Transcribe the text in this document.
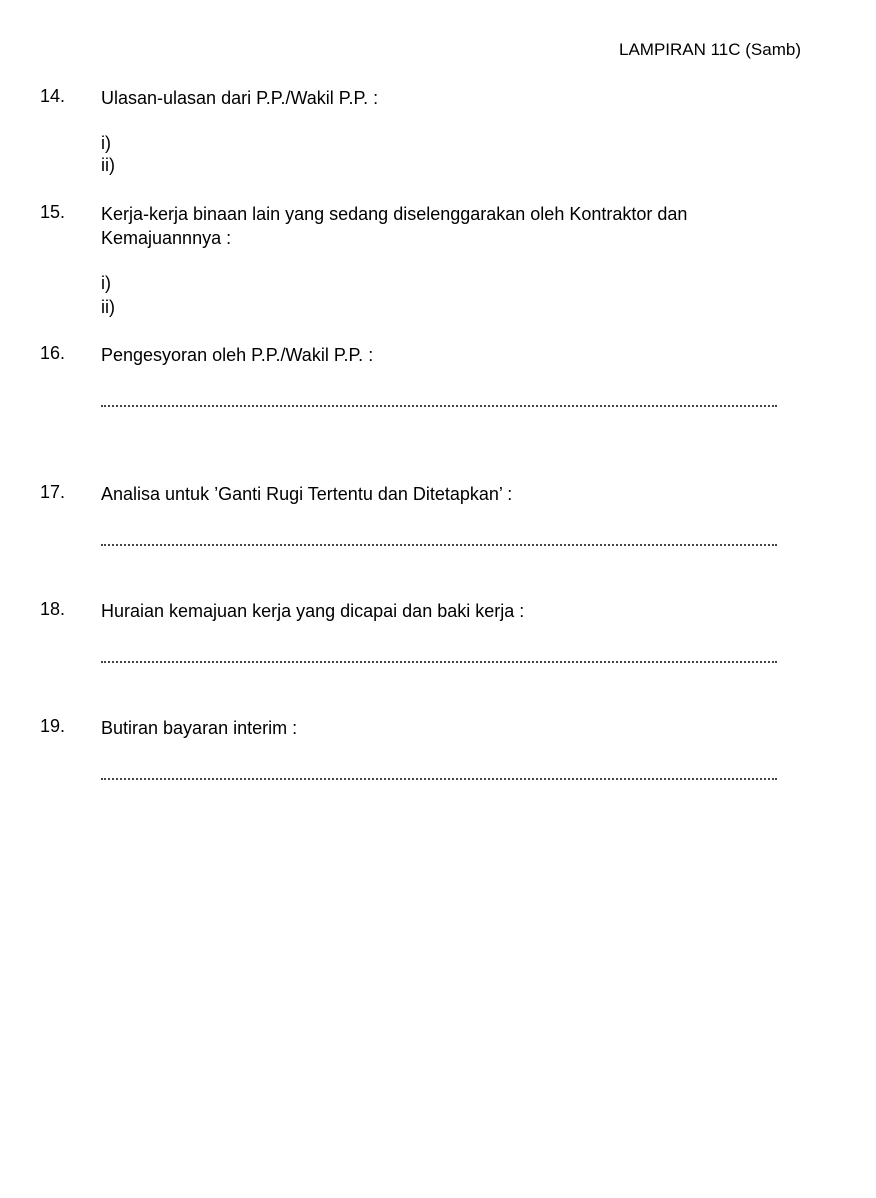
LAMPIRAN 11C (Samb)
14. Ulasan-ulasan dari P.P./Wakil P.P. :
i)
ii)
15. Kerja-kerja binaan lain yang sedang diselenggarakan oleh Kontraktor dan Kemajuannnya :
i)
ii)
16. Pengesyoran oleh P.P./Wakil P.P. :
17. Analisa untuk ’Ganti Rugi Tertentu dan Ditetapkan’ :
18. Huraian kemajuan kerja yang dicapai dan baki kerja :
19. Butiran bayaran interim :
